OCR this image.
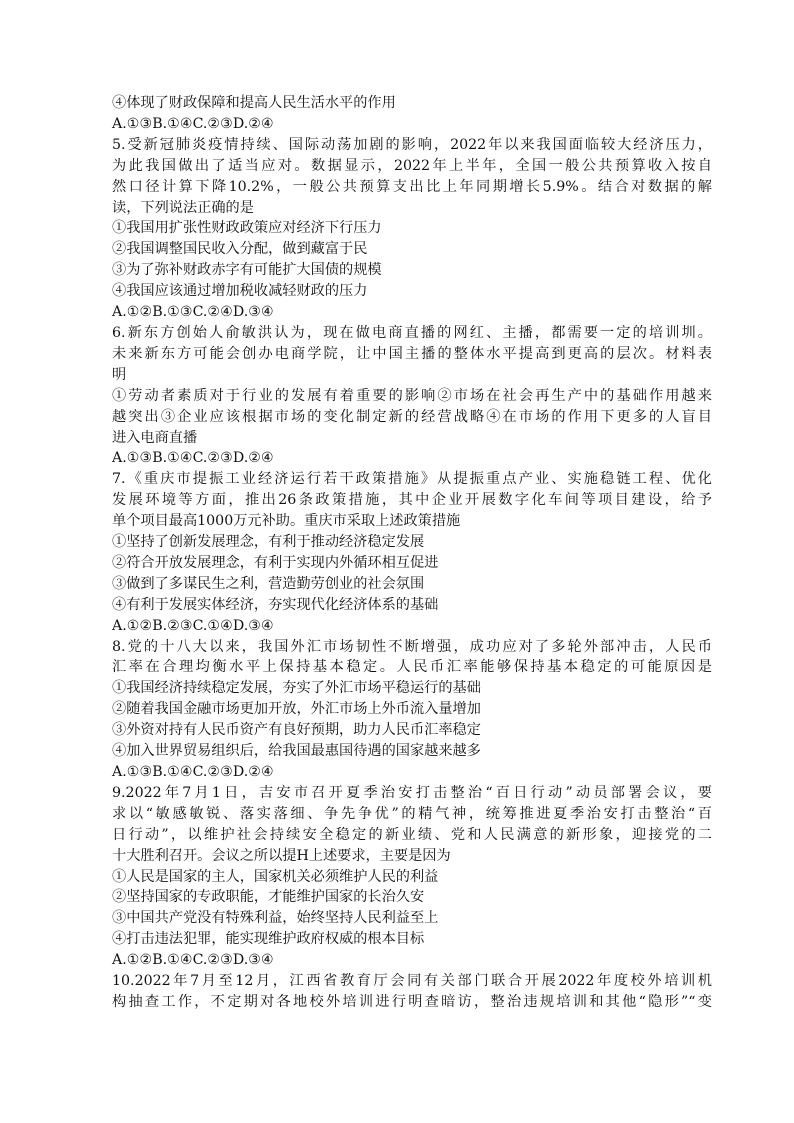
④体现了财政保障和提高人民生活水平的作用
A.①③B.①④C.②③D.②④
5.受新冠肺炎疫情持续、国际动荡加剧的影响，2022年以来我国面临较大经济压力，
为此我国做出了适当应对。数据显示，2022年上半年，全国一般公共预算收入按自
然口径计算下降10.2%，一般公共预算支出比上年同期增长5.9%。结合对数据的解
读，下列说法正确的是
①我国用扩张性财政政策应对经济下行压力
②我国调整国民收入分配，做到藏富于民
③为了弥补财政赤字有可能扩大国债的规模
④我国应该通过增加税收减轻财政的压力
A.①②B.①③C.②④D.③④
6.新东方创始人俞敏洪认为，现在做电商直播的网红、主播，都需要一定的培训圳。
未来新东方可能会创办电商学院，让中国主播的整体水平提高到更高的层次。材料表
明
①劳动者素质对于行业的发展有着重要的影响②市场在社会再生产中的基础作用越来
越突出③企业应该根据市场的变化制定新的经营战略④在市场的作用下更多的人盲目
进入电商直播
A.①③B.①④C.②③D.②④
7.《重庆市提振工业经济运行若干政策措施》从提振重点产业、实施稳链工程、优化
发展环境等方面，推出26条政策措施，其中企业开展数字化车间等项目建设，给予
单个项目最高1000万元补助。重庆市采取上述政策措施
①坚持了创新发展理念，有利于推动经济稳定发展
②符合开放发展理念，有利于实现内外循环相互促进
③做到了多谋民生之利，营造勤劳创业的社会氛围
④有利于发展实体经济，夯实现代化经济体系的基础
A.①②B.②③C.①④D.③④
8.党的十八大以来，我国外汇市场韧性不断增强，成功应对了多轮外部冲击，人民币
汇率在合理均衡水平上保持基本稳定。人民币汇率能够保持基本稳定的可能原因是
①我国经济持续稳定发展，夯实了外汇市场平稳运行的基础
②随着我国金融市场更加开放，外汇市场上外币流入量增加
③外资对持有人民币资产有良好预期，助力人民币汇率稳定
④加入世界贸易组织后，给我国最惠国待遇的国家越来越多
A.①③B.①④C.②③D.②④
9.2022年7月1日，吉安市召开夏季治安打击整治“百日行动”动员部署会议，要
求以“敏感敏锐、落实落细、争先争优”的精气神，统筹推进夏季治安打击整治“百
日行动”，以维护社会持续安全稳定的新业绩、党和人民满意的新形象，迎接党的二
十大胜利召开。会议之所以提H上述要求，主要是因为
①人民是国家的主人，国家机关必须维护人民的利益
②坚持国家的专政职能，才能维护国家的长治久安
③中国共产党没有特殊利益，始终坚持人民利益至上
④打击违法犯罪，能实现维护政府权威的根本目标
A.①②B.①④C.②③D.③④
10.2022年7月至12月，江西省教育厅会同有关部门联合开展2022年度校外培训机
构抽查工作，不定期对各地校外培训进行明查暗访，整治违规培训和其他“隐形”“变
